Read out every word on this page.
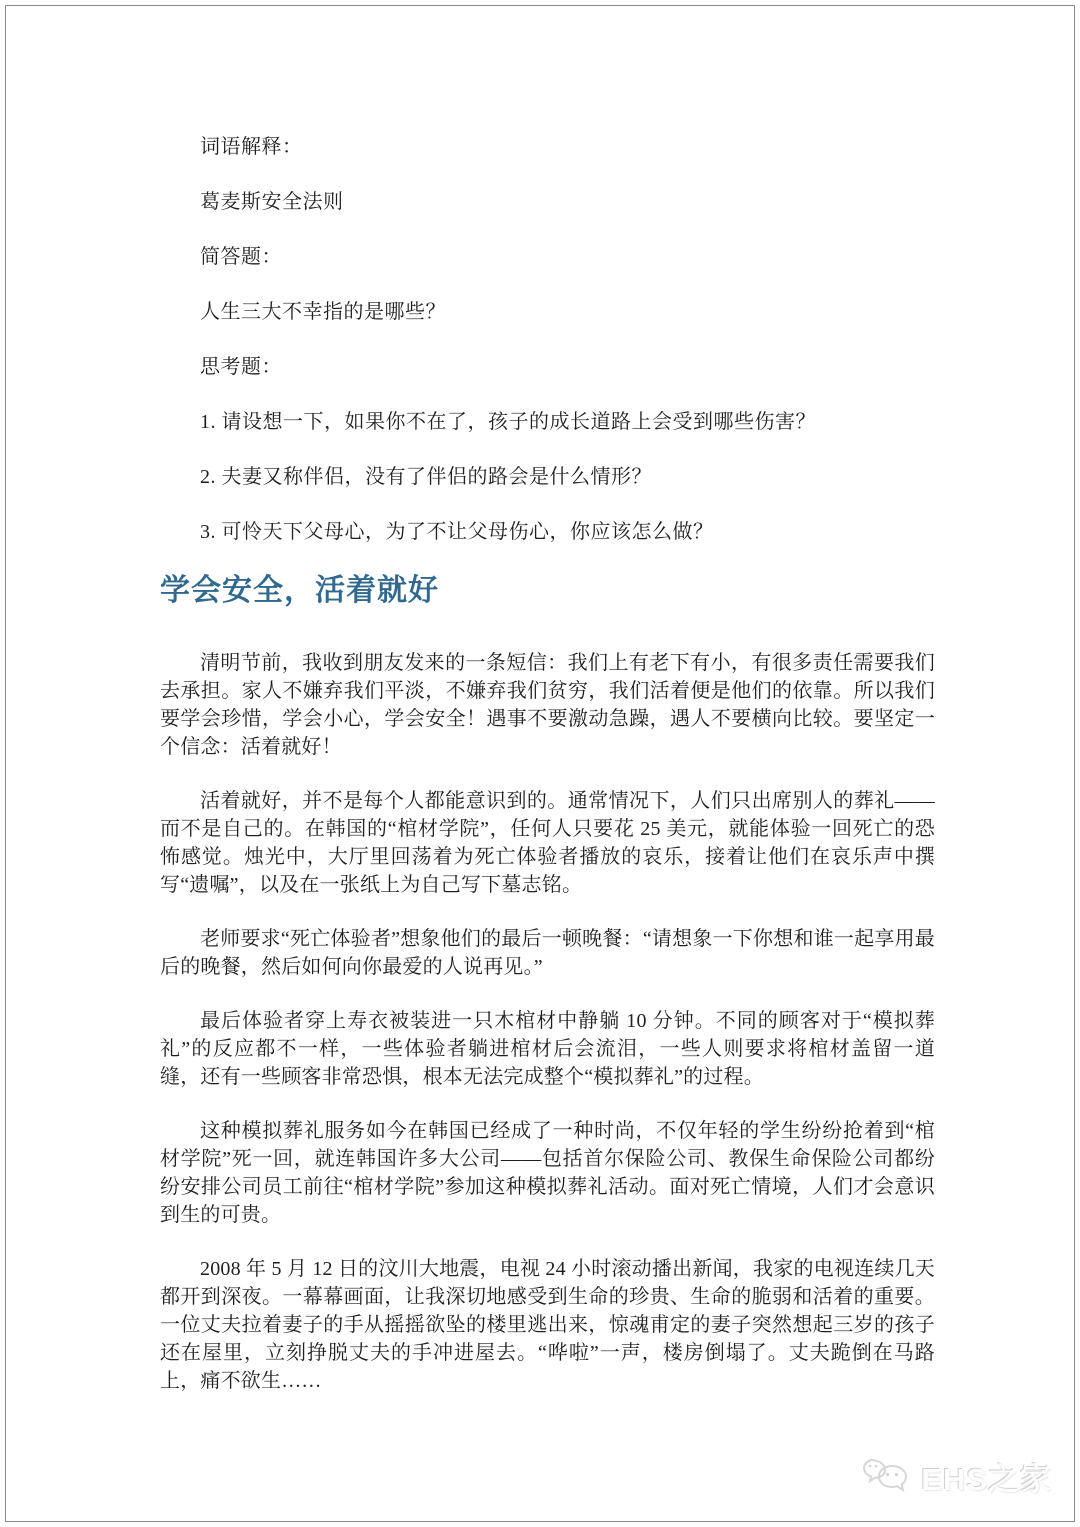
词语解释：

葛麦斯安全法则

简答题：

人生三大不幸指的是哪些？

思考题：

1. 请设想一下，如果你不在了，孩子的成长道路上会受到哪些伤害？

2. 夫妻又称伴侣，没有了伴侣的路会是什么情形？

3. 可怜天下父母心，为了不让父母伤心，你应该怎么做？

学会安全，活着就好

清明节前，我收到朋友发来的一条短信：我们上有老下有小，有很多责任需要我们去承担。家人不嫌弃我们平淡，不嫌弃我们贫穷，我们活着便是他们的依靠。所以我们要学会珍惜，学会小心，学会安全！遇事不要激动急躁，遇人不要横向比较。要坚定一个信念：活着就好！

活着就好，并不是每个人都能意识到的。通常情况下，人们只出席别人的葬礼——而不是自己的。在韩国的“棺材学院”，任何人只要花 25 美元，就能体验一回死亡的恐怖感觉。烛光中，大厅里回荡着为死亡体验者播放的哀乐，接着让他们在哀乐声中撰写“遗嘱”，以及在一张纸上为自己写下墓志铭。

老师要求“死亡体验者”想象他们的最后一顿晚餐：“请想象一下你想和谁一起享用最后的晚餐，然后如何向你最爱的人说再见。”

最后体验者穿上寿衣被装进一只木棺材中静躺 10 分钟。不同的顾客对于“模拟葬礼”的反应都不一样，一些体验者躺进棺材后会流泪，一些人则要求将棺材盖留一道缝，还有一些顾客非常恐惧，根本无法完成整个“模拟葬礼”的过程。

这种模拟葬礼服务如今在韩国已经成了一种时尚，不仅年轻的学生纷纷抢着到“棺材学院”死一回，就连韩国许多大公司——包括首尔保险公司、教保生命保险公司都纷纷安排公司员工前往“棺材学院”参加这种模拟葬礼活动。面对死亡情境，人们才会意识到生的可贵。

2008 年 5 月 12 日的汶川大地震，电视 24 小时滚动播出新闻，我家的电视连续几天都开到深夜。一幕幕画面，让我深切地感受到生命的珍贵、生命的脆弱和活着的重要。一位丈夫拉着妻子的手从摇摇欲坠的楼里逃出来，惊魂甫定的妻子突然想起三岁的孩子还在屋里，立刻挣脱丈夫的手冲进屋去。“哗啦”一声，楼房倒塌了。丈夫跪倒在马路上，痛不欲生……

EHS之家
